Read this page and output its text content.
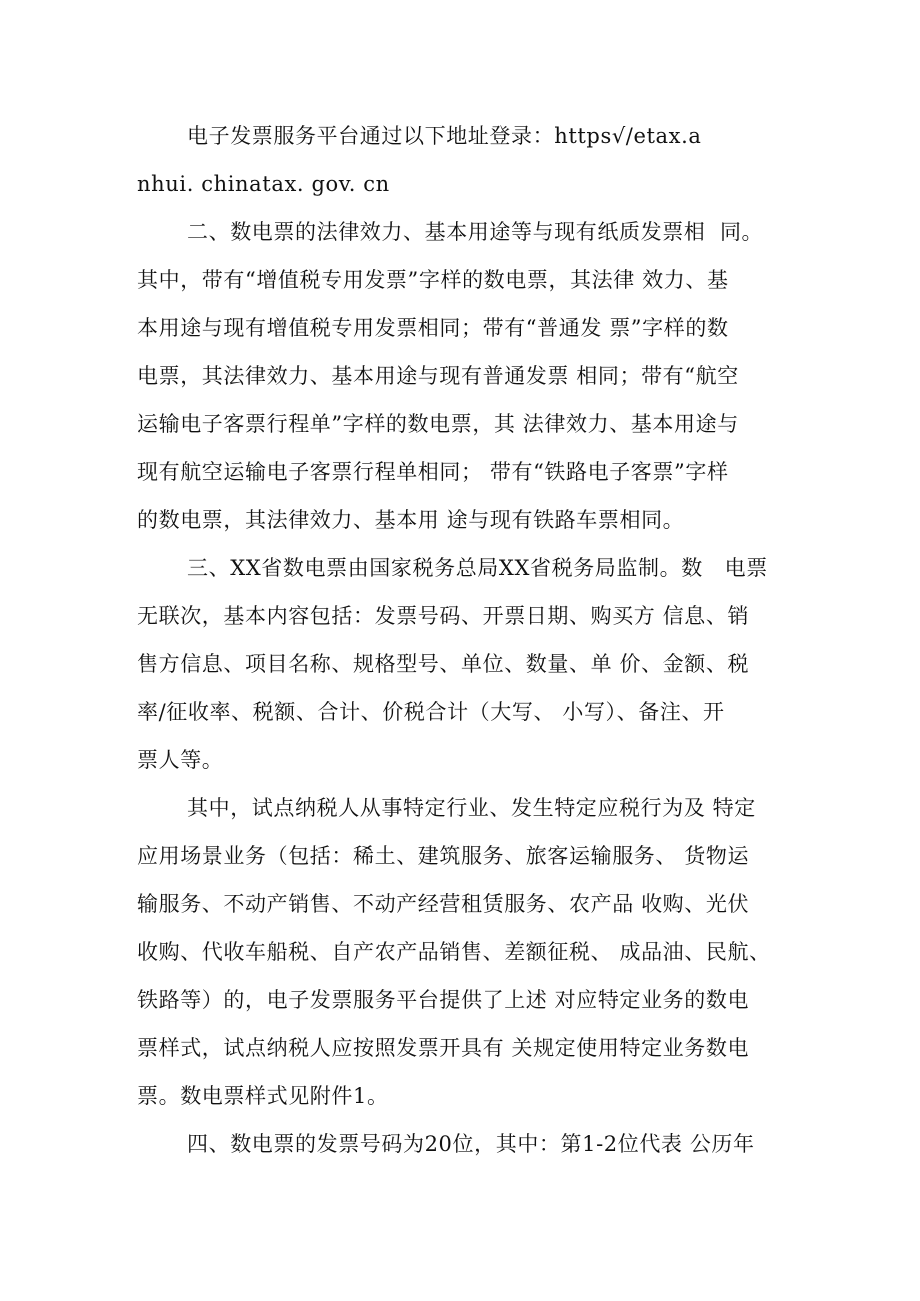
电子发票服务平台通过以下地址登录：https√/etax.a
nhui. chinatax. gov. cn
二、数电票的法律效力、基本用途等与现有纸质发票相  同。
其中，带有“增值税专用发票”字样的数电票，其法律 效力、基
本用途与现有增值税专用发票相同；带有“普通发 票”字样的数
电票，其法律效力、基本用途与现有普通发票 相同；带有“航空
运输电子客票行程单”字样的数电票，其 法律效力、基本用途与
现有航空运输电子客票行程单相同； 带有“铁路电子客票”字样
的数电票，其法律效力、基本用 途与现有铁路车票相同。
三、XX省数电票由国家税务总局XX省税务局监制。数   电票
无联次，基本内容包括：发票号码、开票日期、购买方 信息、销
售方信息、项目名称、规格型号、单位、数量、单 价、金额、税
率/征收率、税额、合计、价税合计（大写、 小写）、备注、开
票人等。
其中，试点纳税人从事特定行业、发生特定应税行为及 特定
应用场景业务（包括：稀土、建筑服务、旅客运输服务、 货物运
输服务、不动产销售、不动产经营租赁服务、农产品 收购、光伏
收购、代收车船税、自产农产品销售、差额征税、 成品油、民航、
铁路等）的，电子发票服务平台提供了上述 对应特定业务的数电
票样式，试点纳税人应按照发票开具有 关规定使用特定业务数电
票。数电票样式见附件1。
四、数电票的发票号码为20位，其中：第1-2位代表 公历年
